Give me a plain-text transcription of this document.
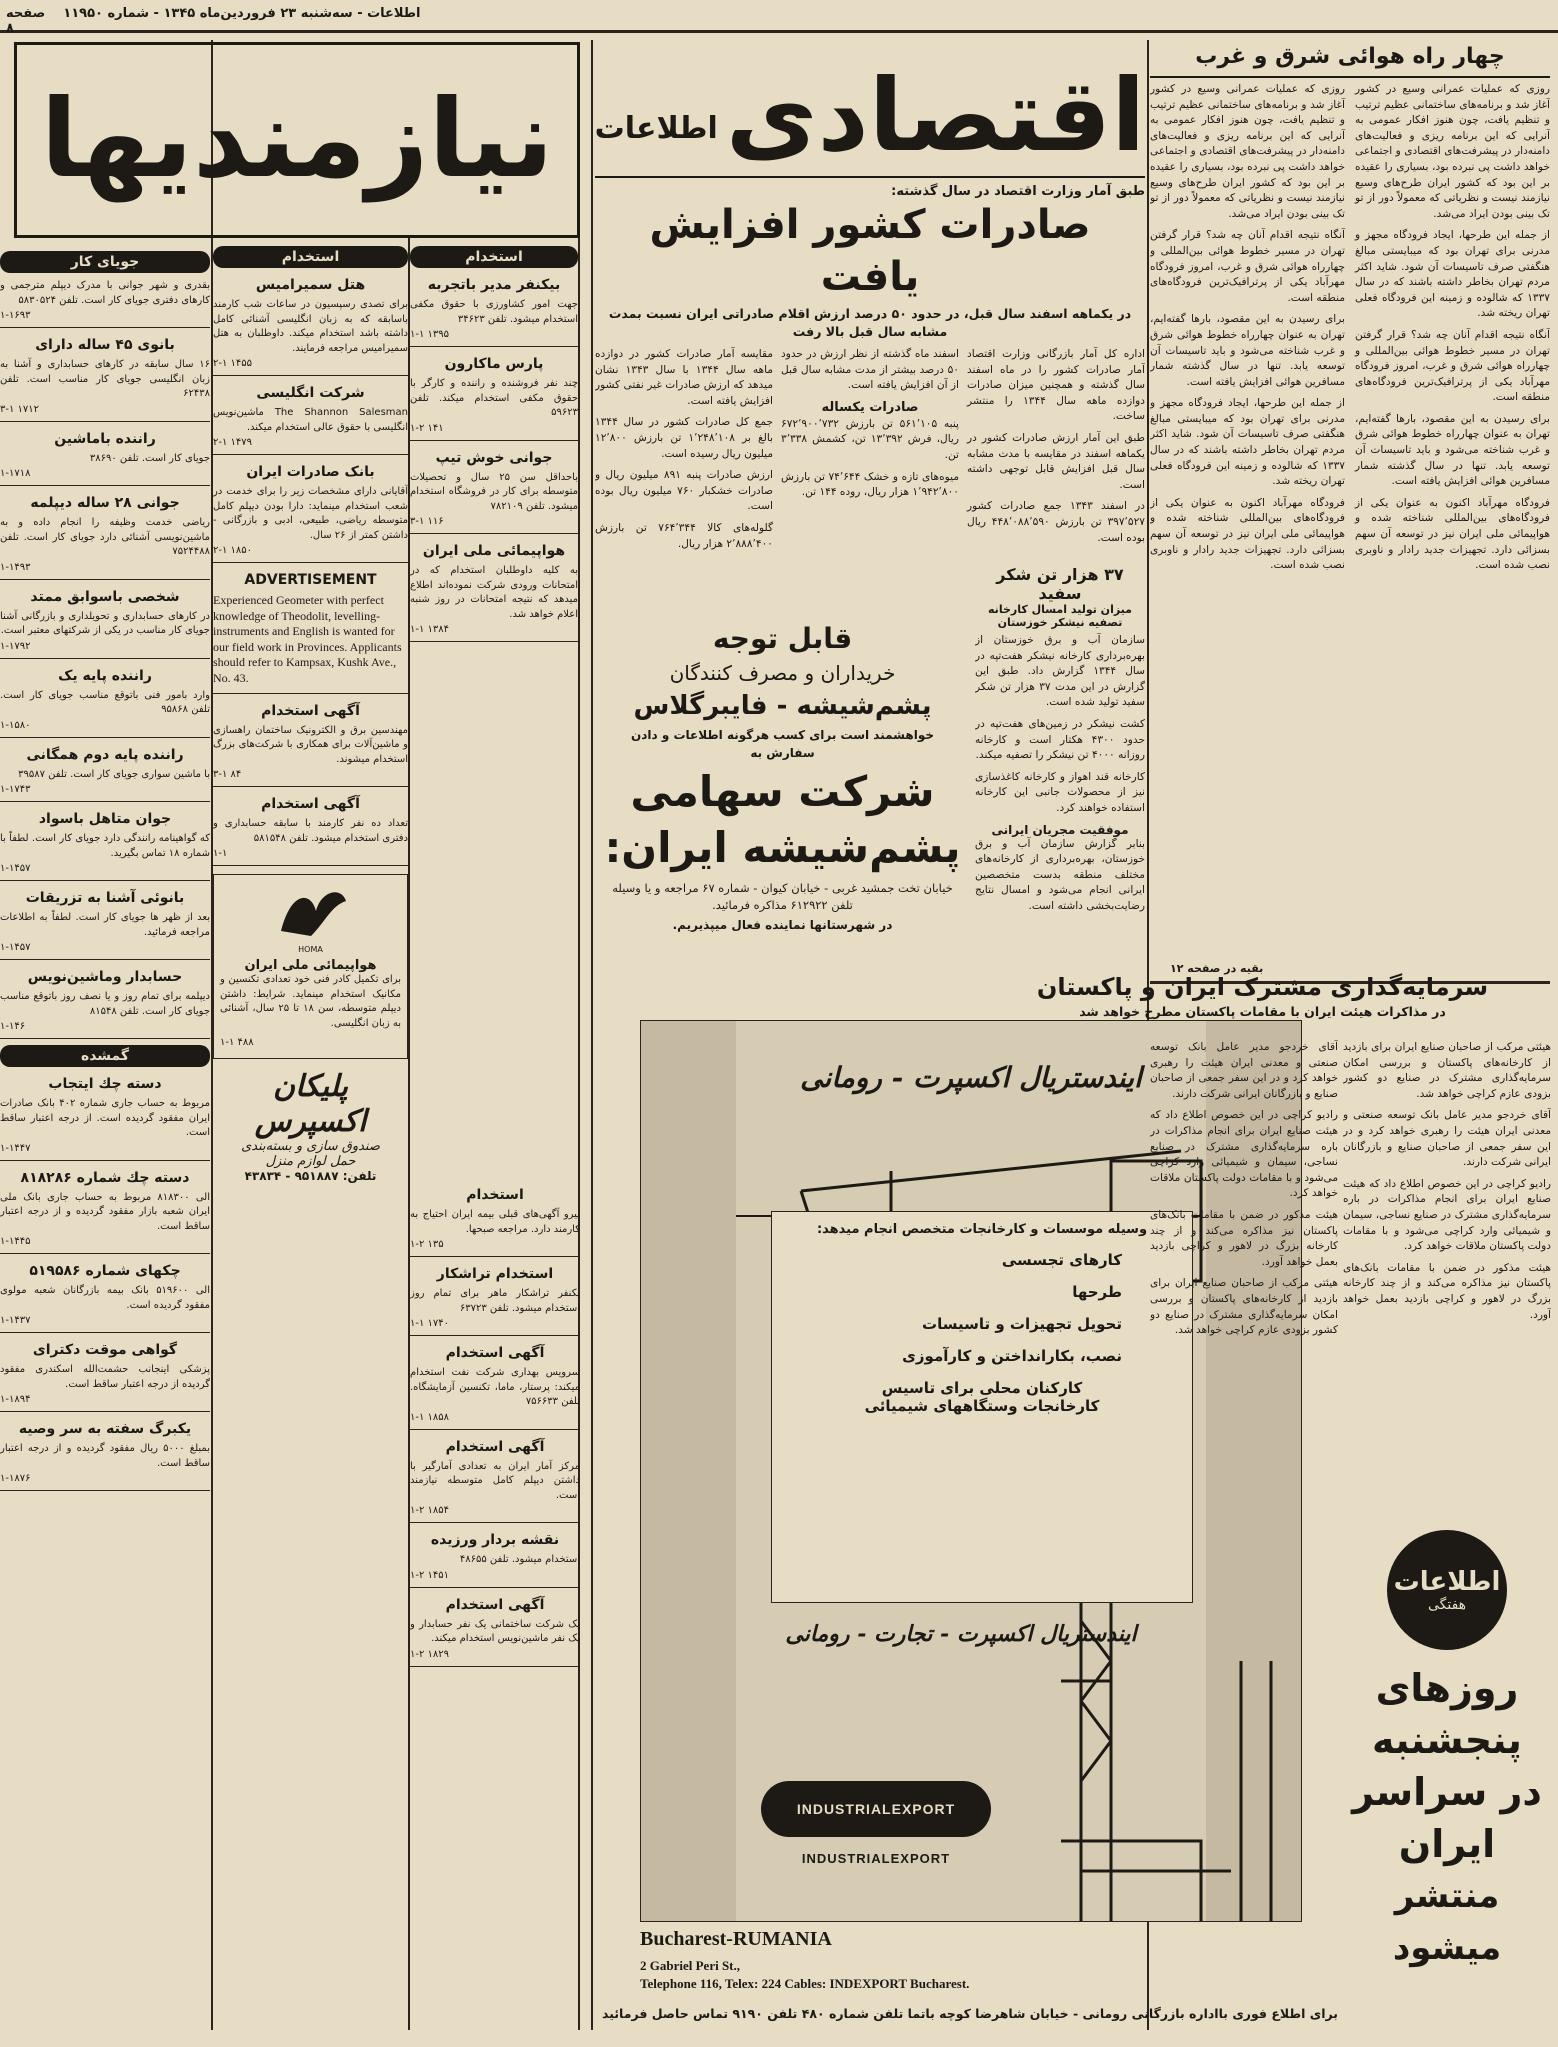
اطلاعات - سه‌شنبه ۲۳ فروردین‌ماه ۱۳۴۵ - شماره ۱۱۹۵۰    صفحه ۸
نیازمندیها
چهار راه هوائی شرق و غرب

روزی که عملیات عمرانی وسیع در کشور آغاز شد و برنامه‌های ساختمانی عظیم ترتیب و تنظیم یافت، چون هنوز افکار عمومی به آنرایی که این برنامه ریزی و فعالیت‌های دامنه‌دار در پیشرفت‌های اقتصادی و اجتماعی خواهد داشت پی نبرده بود، بسیاری را عقیده بر این بود که کشور ایران طرح‌های وسیع نیازمند نیست و نظریاتی که معمولاً دور از تو تک بینی بودن ایراد می‌شد.

از جمله این طرحها، ایجاد فرودگاه مجهز و مدرنی برای تهران بود که میبایستی مبالغ هنگفتی صرف تاسیسات آن شود. شاید اکثر مردم تهران بخاطر داشته باشند که در سال ۱۳۳۷ که شالوده و زمینه این فرودگاه فعلی تهران ریخته شد.

آنگاه نتیجه اقدام آنان چه شد؟ قرار گرفتن تهران در مسیر خطوط هوائی بین‌المللی و چهارراه هوائی شرق و غرب، امروز فرودگاه مهرآباد یکی از پرترافیک‌ترین فرودگاه‌های منطقه است.

برای رسیدن به این مقصود، بارها گفته‌ایم، تهران به عنوان چهارراه خطوط هوائی شرق و غرب شناخته می‌شود و باید تاسیسات آن توسعه یابد. تنها در سال گذشته شمار مسافرین هوائی افزایش یافته است.

فرودگاه مهرآباد اکنون به عنوان یکی از فرودگاه‌های بین‌المللی شناخته شده و هواپیمائی ملی ایران نیز در توسعه آن سهم بسزائی دارد. تجهیزات جدید رادار و ناوبری نصب شده است.

روزی که عملیات عمرانی وسیع در کشور آغاز شد و برنامه‌های ساختمانی عظیم ترتیب و تنظیم یافت، چون هنوز افکار عمومی به آنرایی که این برنامه ریزی و فعالیت‌های دامنه‌دار در پیشرفت‌های اقتصادی و اجتماعی خواهد داشت پی نبرده بود، بسیاری را عقیده بر این بود که کشور ایران طرح‌های وسیع نیازمند نیست و نظریاتی که معمولاً دور از تو تک بینی بودن ایراد می‌شد.

آنگاه نتیجه اقدام آنان چه شد؟ قرار گرفتن تهران در مسیر خطوط هوائی بین‌المللی و چهارراه هوائی شرق و غرب، امروز فرودگاه مهرآباد یکی از پرترافیک‌ترین فرودگاه‌های منطقه است.

برای رسیدن به این مقصود، بارها گفته‌ایم، تهران به عنوان چهارراه خطوط هوائی شرق و غرب شناخته می‌شود و باید تاسیسات آن توسعه یابد. تنها در سال گذشته شمار مسافرین هوائی افزایش یافته است.

از جمله این طرحها، ایجاد فرودگاه مجهز و مدرنی برای تهران بود که میبایستی مبالغ هنگفتی صرف تاسیسات آن شود. شاید اکثر مردم تهران بخاطر داشته باشند که در سال ۱۳۳۷ که شالوده و زمینه این فرودگاه فعلی تهران ریخته شد.

فرودگاه مهرآباد اکنون به عنوان یکی از فرودگاه‌های بین‌المللی شناخته شده و هواپیمائی ملی ایران نیز در توسعه آن سهم بسزائی دارد. تجهیزات جدید رادار و ناوبری نصب شده است.

بقیه در صفحه ۱۲
سرمایه‌گذاری مشترک ایران و پاکستان
در مذاکرات هیئت ایران با مقامات پاکستان مطرح خواهد شد

هیئتی مرکب از صاحبان صنایع ایران برای بازدید از کارخانه‌های پاکستان و بررسی امکان سرمایه‌گذاری مشترک در صنایع دو کشور بزودی عازم کراچی خواهد شد.

آقای خردجو مدیر عامل بانک توسعه صنعتی و معدنی ایران هیئت را رهبری خواهد کرد و در این سفر جمعی از صاحبان صنایع و بازرگانان ایرانی شرکت دارند.

رادیو کراچی در این خصوص اطلاع داد که هیئت صنایع ایران برای انجام مذاکرات در باره سرمایه‌گذاری مشترک در صنایع نساجی، سیمان و شیمیائی وارد کراچی می‌شود و با مقامات دولت پاکستان ملاقات خواهد کرد.

هیئت مذکور در ضمن با مقامات بانک‌های پاکستان نیز مذاکره می‌کند و از چند کارخانه بزرگ در لاهور و کراچی بازدید بعمل خواهد آورد.

اطلاعات
هفتگی
روزهای
پنجشنبه
در سراسر
ایران
منتشر میشود
اقتصادی
اطلاعات
طبق آمار وزارت اقتصاد در سال گذشته:
صادرات کشور افزایش یافت
در یکماهه اسفند سال قبل، در حدود ۵۰ درصد ارزش اقلام صادراتی ایران نسبت بمدت مشابه سال قبل بالا رفت

اداره کل آمار بازرگانی وزارت اقتصاد آمار صادرات کشور را در ماه اسفند سال گذشته و همچنین میزان صادرات دوازده ماهه سال ۱۳۴۴ را منتشر ساخت.

طبق این آمار ارزش صادرات کشور در یکماهه اسفند در مقایسه با مدت مشابه سال قبل افزایش قابل توجهی داشته است.

در اسفند ۱۳۴۳ جمع صادرات کشور ۳۹۷٬۵۲۷ تن بارزش ۴۴۸٬۰۸۸٬۵۹۰ ریال بوده است.

اسفند ماه گذشته از نظر ارزش در حدود ۵۰ درصد بیشتر از مدت مشابه سال قبل از آن افزایش یافته است.

صادرات یکساله

پنبه ۵۶۱٬۱۰۵ تن بارزش ۶۷۲٬۹۰۰٬۷۳۲ ریال، فرش ۱۳٬۳۹۲ تن، کشمش ۳٬۳۳۸ تن.

میوه‌های تازه و خشک ۷۴٬۶۴۴ تن بارزش ۱٬۹۴۲٬۸۰۰ هزار ریال، روده ۱۴۴ تن.

مقایسه آمار صادرات کشور در دوازده ماهه سال ۱۳۴۴ با سال ۱۳۴۳ نشان میدهد که ارزش صادرات غیر نفتی کشور افزایش یافته است.

جمع کل صادرات کشور در سال ۱۳۴۴ بالغ بر ۱٬۲۴۸٬۱۰۸ تن بارزش ۱۲٬۸۰۰ میلیون ریال رسیده است.

ارزش صادرات پنبه ۸۹۱ میلیون ریال و صادرات خشکبار ۷۶۰ میلیون ریال بوده است.

گلوله‌های کالا ۷۶۴٬۳۴۴ تن بارزش ۲٬۸۸۸٬۴۰۰ هزار ریال.

۳۷ هزار تن شکر سفید
میزان تولید امسال کارخانه تصفیه نیشکر خوزستان

سازمان آب و برق خوزستان از بهره‌برداری کارخانه نیشکر هفت‌تپه در سال ۱۳۴۴ گزارش داد. طبق این گزارش در این مدت ۳۷ هزار تن شکر سفید تولید شده است.

کشت نیشکر در زمین‌های هفت‌تپه در حدود ۴۳۰۰ هکتار است و کارخانه روزانه ۴۰۰۰ تن نیشکر را تصفیه میکند.

کارخانه قند اهواز و کارخانه کاغذسازی نیز از محصولات جانبی این کارخانه استفاده خواهند کرد.

موفقیت مجریان ایرانی

بنابر گزارش سازمان آب و برق خوزستان، بهره‌برداری از کارخانه‌های مختلف منطقه بدست متخصصین ایرانی انجام می‌شود و امسال نتایج رضایت‌بخشی داشته است.

قابل توجه
خریداران و مصرف کنندگان
پشم‌شیشه - فایبرگلاس
خواهشمند است برای کسب هرگونه اطلاعات و دادن سفارش به
شرکت سهامی
پشم‌شیشه ایران:
خیابان تخت جمشید غربی - خیابان کیوان - شماره ۶۷ مراجعه و یا وسیله تلفن ۶۱۲۹۲۲ مذاکره فرمائید.
در شهرستانها نماینده فعال میپذیریم.
ایندستریال اکسپرت - رومانی
وسیله موسسات و کارخانجات متخصص انجام میدهد:
کارهای تجسسی
طرحها
تحویل تجهیزات و تاسیسات
نصب، بکارانداختن و کارآموزی
کارکنان محلی برای تاسیس
کارخانجات وستگاههای شیمیائی
ایندستریال اکسپرت - تجارت - رومانی
INDUSTRIALEXPORT
INDUSTRIALEXPORT
Bucharest-RUMANIA
2 Gabriel Peri St.,
Telephone 116, Telex: 224 Cables: INDEXPORT Bucharest.
برای اطلاع فوری بااداره بازرگانی رومانی - خیابان شاهرضا کوچه باتما تلفن شماره ۴۸۰ تلفن ۹۱۹۰ تماس حاصل فرمائید

آقای خردجو مدیر عامل بانک توسعه صنعتی و معدنی ایران هیئت را رهبری خواهد کرد و در این سفر جمعی از صاحبان صنایع و بازرگانان ایرانی شرکت دارند.

رادیو کراچی در این خصوص اطلاع داد که هیئت صنایع ایران برای انجام مذاکرات در باره سرمایه‌گذاری مشترک در صنایع نساجی، سیمان و شیمیائی وارد کراچی می‌شود و با مقامات دولت پاکستان ملاقات خواهد کرد.

هیئت مذکور در ضمن با مقامات بانک‌های پاکستان نیز مذاکره می‌کند و از چند کارخانه بزرگ در لاهور و کراچی بازدید بعمل خواهد آورد.

هیئتی مرکب از صاحبان صنایع ایران برای بازدید از کارخانه‌های پاکستان و بررسی امکان سرمایه‌گذاری مشترک در صنایع دو کشور بزودی عازم کراچی خواهد شد.

جویای کار

بقدری و شهر جوانی با مدرک دیپلم مترجمی و کارهای دفتری جویای کار است. تلفن ۵۸۳۰۵۲۴

۱-۱۶۹۳
بانوی ۴۵ ساله دارای

۱۶ سال سابقه در کارهای حسابداری و آشنا به زبان انگلیسی جویای کار مناسب است. تلفن ۶۲۴۳۸

۳-۱ ۱۷۱۲
راننده باماشین

جویای کار است. تلفن ۳۸۶۹۰

۱-۱۷۱۸
جوانی ۲۸ ساله دیپلمه

ریاضی خدمت وظیفه را انجام داده و به ماشین‌نویسی آشنائی دارد جویای کار است. تلفن ۷۵۲۴۴۸۸

۱-۱۴۹۳
شخصی باسوابق ممتد

در کارهای حسابداری و تحویلداری و بازرگانی آشنا جویای کار مناسب در یکی از شرکتهای معتبر است.

۱-۱۷۹۲
راننده پایه یک

وارد بامور فنی باتوقع مناسب جویای کار است. تلفن ۹۵۸۶۸

۱-۱۵۸۰
راننده پایه دوم همگانی

با ماشین سواری جویای کار است. تلفن ۳۹۵۸۷

۱-۱۷۴۳
جوان متاهل باسواد

که گواهینامه رانندگی دارد جویای کار است. لطفاً با شماره ۱۸ تماس بگیرید.

۱-۱۴۵۷
بانوئی آشنا به تزریقات

بعد از ظهر ها جویای کار است. لطفاً به اطلاعات مراجعه فرمائید.

۱-۱۴۵۷
حسابدار وماشین‌نویس

دیپلمه برای تمام روز و یا نصف روز باتوقع مناسب جویای کار است. تلفن ۸۱۵۴۸

۱-۱۴۶
گمشده
دسته چك ایتجاب

مربوط به حساب جاری شماره ۴۰۲ بانک صادرات ایران مفقود گردیده است. از درجه اعتبار ساقط است.

۱-۱۴۴۷
دسته چك شماره ۸۱۸۲۸۶

الی ۸۱۸۳۰۰ مربوط به حساب جاری بانک ملی ایران شعبه بازار مفقود گردیده و از درجه اعتبار ساقط است.

۱-۱۴۴۵
چکهای شماره ۵۱۹۵۸۶

الی ۵۱۹۶۰۰ بانک بیمه بازرگانان شعبه مولوی مفقود گردیده است.

۱-۱۴۳۷
گواهی موقت دکترای

پزشکی اینجانب حشمت‌الله اسکندری مفقود گردیده از درجه اعتبار ساقط است.

۱-۱۸۹۴
یکبرگ سفته به سر وصیه

بمبلغ ۵۰۰۰ ریال مفقود گردیده و از درجه اعتبار ساقط است.

۱-۱۸۷۶
استخدام
هتل سمیرامیس

برای تصدی رسپسیون در ساعات شب کارمند باسابقه که به زبان انگلیسی آشنائی کامل داشته باشد استخدام میکند. داوطلبان به هتل سمیرامیس مراجعه فرمایند.

۲-۱ ۱۴۵۵
شرکت انگلیسی

The Shannon Salesman ماشین‌نویس انگلیسی با حقوق عالی استخدام میکند.

۲-۱ ۱۴۷۹
بانک صادرات ایران

آقایانی دارای مشخصات زیر را برای خدمت در شعب استخدام مینماید: دارا بودن دیپلم کامل متوسطه ریاضی، طبیعی، ادبی و بازرگانی - داشتن کمتر از ۲۶ سال.

۲-۱ ۱۸۵۰
ADVERTISEMENT

Experienced Geometer with perfect knowledge of Theodolit, levelling-instruments and English is wanted for our field work in Provinces. Applicants should refer to Kampsax, Kushk Ave., No. 43.

آگهی استخدام

مهندسین برق و الکترونیک ساختمان راهسازی و ماشین‌آلات برای همکاری با شرکت‌های بزرگ استخدام میشوند.

۳-۱ ۸۴
آگهی استخدام

تعداد ده نفر کارمند با سابقه حسابداری و دفتری استخدام میشود. تلفن ۵۸۱۵۴۸

۱-۱
HOMA
هواپیمائی ملی ایران

برای تکمیل کادر فنی خود تعدادی تکنسین و مکانیک استخدام مینماید. شرایط: داشتن دیپلم متوسطه، سن ۱۸ تا ۲۵ سال، آشنائی به زبان انگلیسی.

۱-۱ ۴۸۸
پلیکان اکسپرس
صندوق سازی و بسته‌بندی
حمل لوازم منزل
تلفن: ۹۵۱۸۸۷ - ۴۳۸۳۴
استخدام
بیکنفر مدیر باتجربه

جهت امور کشاورزی با حقوق مکفی استخدام میشود. تلفن ۳۴۶۲۳

۱-۱ ۱۳۹۵
پارس ماکارون

چند نفر فروشنده و راننده و کارگر با حقوق مکفی استخدام میکند. تلفن ۵۹۶۲۳

۱-۲ ۱۴۱
جوانی خوش تیپ

باحداقل سن ۲۵ سال و تحصیلات متوسطه برای کار در فروشگاه استخدام میشود. تلفن ۷۸۲۱۰۹

۳-۱ ۱۱۶
هواپیمائی ملی ایران

به کلیه داوطلبان استخدام که در امتحانات ورودی شرکت نموده‌اند اطلاع میدهد که نتیجه امتحانات در روز شنبه اعلام خواهد شد.

۱-۱ ۱۳۸۴
استخدام

پیرو آگهی‌های قبلی بیمه ایران احتیاج به کارمند دارد. مراجعه صبحها.

۱-۲ ۱۳۵
استخدام تراشکار

یکنفر تراشکار ماهر برای تمام روز استخدام میشود. تلفن ۶۳۷۲۳

۱-۱ ۱۷۴۰
آگهی استخدام

سرویس بهداری شرکت نفت استخدام میکند: پرستار، ماما، تکنسین آزمایشگاه. تلفن ۷۵۶۶۳۳

۱-۱ ۱۸۵۸
آگهی استخدام

مرکز آمار ایران به تعدادی آمارگیر با داشتن دیپلم کامل متوسطه نیازمند است.

۱-۲ ۱۸۵۴
نقشه بردار ورزیده

استخدام میشود. تلفن ۴۸۶۵۵

۱-۲ ۱۴۵۱
آگهی استخدام

یک شرکت ساختمانی یک نفر حسابدار و یک نفر ماشین‌نویس استخدام میکند.

۱-۲ ۱۸۲۹
